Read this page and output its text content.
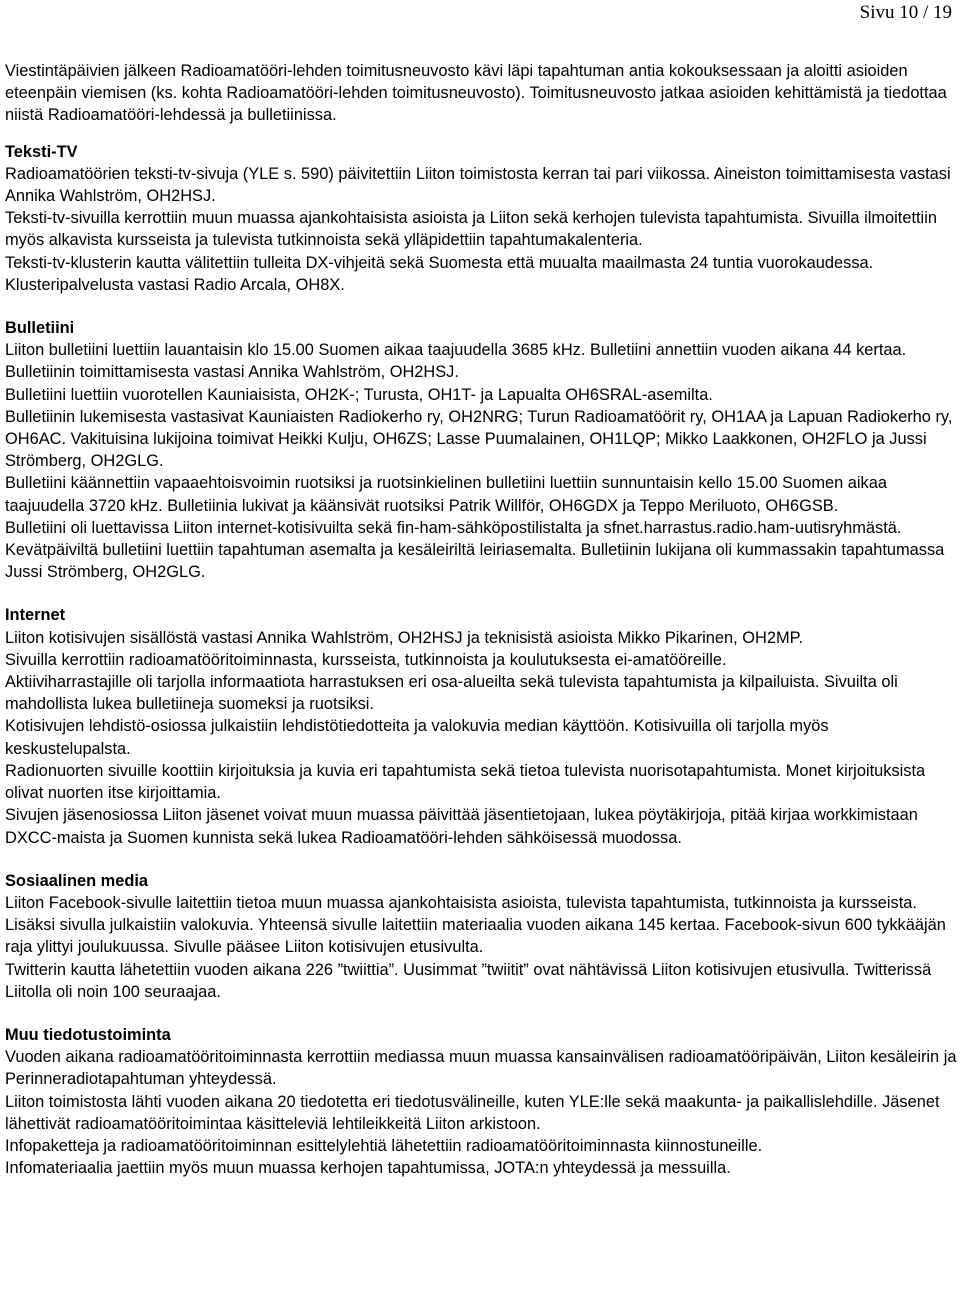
Sivu 10 / 19

Viestintäpäivien jälkeen Radioamatööri-lehden toimitusneuvosto kävi läpi tapahtuman antia kokouksessaan ja aloitti asioiden eteenpäin viemisen (ks. kohta Radioamatööri-lehden toimitusneuvosto). Toimitusneuvosto jatkaa asioiden kehittämistä ja tiedottaa niistä Radioamatööri-lehdessä ja bulletiinissa.

Teksti-TV

Radioamatöörien teksti-tv-sivuja (YLE s. 590) päivitettiin Liiton toimistosta kerran tai pari viikossa. Aineiston toimittamisesta vastasi Annika Wahlström, OH2HSJ.

Teksti-tv-sivuilla kerrottiin muun muassa ajankohtaisista asioista ja Liiton sekä kerhojen tulevista tapahtumista. Sivuilla ilmoitettiin myös alkavista kursseista ja tulevista tutkinnoista sekä ylläpidettiin tapahtumakalenteria.

Teksti-tv-klusterin kautta välitettiin tulleita DX-vihjeitä sekä Suomesta että muualta maailmasta 24 tuntia vuorokaudessa. Klusteripalvelusta vastasi Radio Arcala, OH8X.

Bulletiini

Liiton bulletiini luettiin lauantaisin klo 15.00 Suomen aikaa taajuudella 3685 kHz. Bulletiini annettiin vuoden aikana 44 kertaa. Bulletiinin toimittamisesta vastasi Annika Wahlström, OH2HSJ.

Bulletiini luettiin vuorotellen Kauniaisista, OH2K-; Turusta, OH1T- ja Lapualta OH6SRAL-asemilta.

Bulletiinin lukemisesta vastasivat Kauniaisten Radiokerho ry, OH2NRG; Turun Radioamatöörit ry, OH1AA ja Lapuan Radiokerho ry, OH6AC. Vakituisina lukijoina toimivat Heikki Kulju, OH6ZS; Lasse Puumalainen, OH1LQP; Mikko Laakkonen, OH2FLO ja Jussi Strömberg, OH2GLG.

Bulletiini käännettiin vapaaehtoisvoimin ruotsiksi ja ruotsinkielinen bulletiini luettiin sunnuntaisin kello 15.00 Suomen aikaa taajuudella 3720 kHz. Bulletiinia lukivat ja käänsivät ruotsiksi Patrik Willför, OH6GDX ja Teppo Meriluoto, OH6GSB.

Bulletiini oli luettavissa Liiton internet-kotisivuilta sekä fin-ham-sähköpostilistalta ja sfnet.harrastus.radio.ham-uutisryhmästä.

Kevätpäiviltä bulletiini luettiin tapahtuman asemalta ja kesäleiriltä leiriasemalta. Bulletiinin lukijana oli kummassakin tapahtumassa Jussi Strömberg, OH2GLG.

Internet

Liiton kotisivujen sisällöstä vastasi Annika Wahlström, OH2HSJ ja teknisistä asioista Mikko Pikarinen, OH2MP.

Sivuilla kerrottiin radioamatööritoiminnasta, kursseista, tutkinnoista ja koulutuksesta ei-amatööreille.

Aktiiviharrastajille oli tarjolla informaatiota harrastuksen eri osa-alueilta sekä tulevista tapahtumista ja kilpailuista. Sivuilta oli mahdollista lukea bulletiineja suomeksi ja ruotsiksi.

Kotisivujen lehdistö-osiossa julkaistiin lehdistötiedotteita ja valokuvia median käyttöön. Kotisivuilla oli tarjolla myös keskustelupalsta.

Radionuorten sivuille koottiin kirjoituksia ja kuvia eri tapahtumista sekä tietoa tulevista nuorisotapahtumista. Monet kirjoituksista olivat nuorten itse kirjoittamia.

Sivujen jäsenosiossa Liiton jäsenet voivat muun muassa päivittää jäsentietojaan, lukea pöytäkirjoja, pitää kirjaa workkimistaan DXCC-maista ja Suomen kunnista sekä lukea Radioamatööri-lehden sähköisessä muodossa.

Sosiaalinen media

Liiton Facebook-sivulle laitettiin tietoa muun muassa ajankohtaisista asioista, tulevista tapahtumista, tutkinnoista ja kursseista. Lisäksi sivulla julkaistiin valokuvia. Yhteensä sivulle laitettiin materiaalia vuoden aikana 145 kertaa. Facebook-sivun 600 tykkääjän raja ylittyi joulukuussa. Sivulle pääsee Liiton kotisivujen etusivulta.

Twitterin kautta lähetettiin vuoden aikana 226 ”twiittia”. Uusimmat ”twiitit” ovat nähtävissä Liiton kotisivujen etusivulla. Twitterissä Liitolla oli noin 100 seuraajaa.

Muu tiedotustoiminta

Vuoden aikana radioamatööritoiminnasta kerrottiin mediassa muun muassa kansainvälisen radioamatööripäivän, Liiton kesäleirin ja Perinneradiotapahtuman yhteydessä.

Liiton toimistosta lähti vuoden aikana 20 tiedotetta eri tiedotusvälineille, kuten YLE:lle sekä maakunta- ja paikallislehdille. Jäsenet lähettivät radioamatööritoimintaa käsitteleviä lehtileikkeitä Liiton arkistoon.

Infopaketteja ja radioamatööritoiminnan esittelylehtiä lähetettiin radioamatööritoiminnasta kiinnostuneille.

Infomateriaalia jaettiin myös muun muassa kerhojen tapahtumissa, JOTA:n yhteydessä ja messuilla.
